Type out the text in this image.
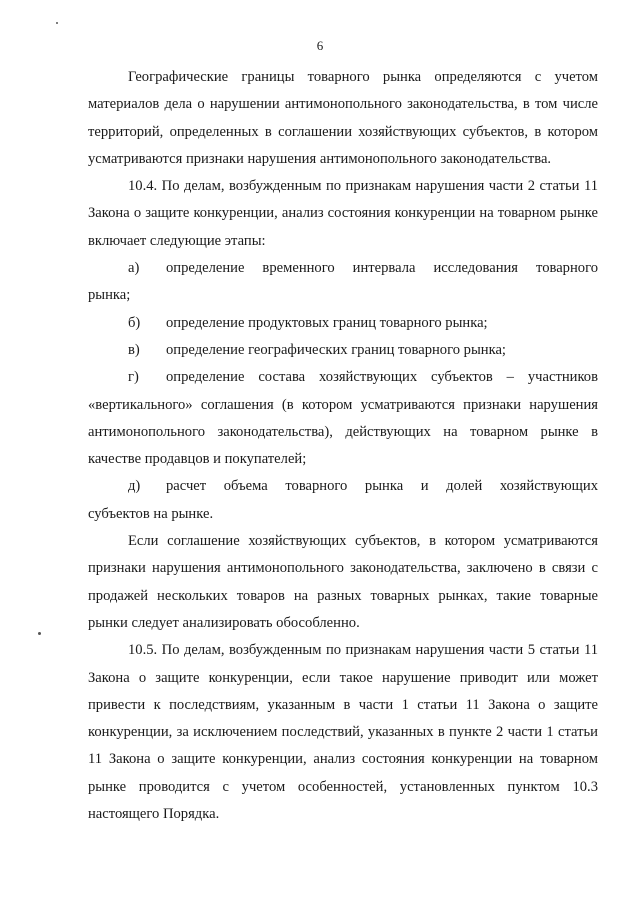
6

Географические границы товарного рынка определяются с учетом материалов дела о нарушении антимонопольного законодательства, в том числе территорий, определенных в соглашении хозяйствующих субъектов, в котором усматриваются признаки нарушения антимонопольного законодательства.

10.4. По делам, возбужденным по признакам нарушения части 2 статьи 11 Закона о защите конкуренции, анализ состояния конкуренции на товарном рынке включает следующие этапы:

а)	определение временного интервала исследования товарного

рынка;

б)	определение продуктовых границ товарного рынка;
в)	определение географических границ товарного рынка;
г)	определение состава хозяйствующих субъектов – участников

«вертикального» соглашения (в котором усматриваются признаки нарушения антимонопольного законодательства), действующих на товарном рынке в качестве продавцов и покупателей;

д)	расчет объема товарного рынка и долей хозяйствующих

субъектов на рынке.

Если соглашение хозяйствующих субъектов, в котором усматриваются признаки нарушения антимонопольного законодательства, заключено в связи с продажей нескольких товаров на разных товарных рынках, такие товарные рынки следует анализировать обособленно.

10.5. По делам, возбужденным по признакам нарушения части 5 статьи 11 Закона о защите конкуренции, если такое нарушение приводит или может привести к последствиям, указанным в части 1 статьи 11 Закона о защите конкуренции, за исключением последствий, указанных в пункте 2 части 1 статьи 11 Закона о защите конкуренции, анализ состояния конкуренции на товарном рынке проводится с учетом особенностей, установленных пунктом 10.3 настоящего Порядка.
